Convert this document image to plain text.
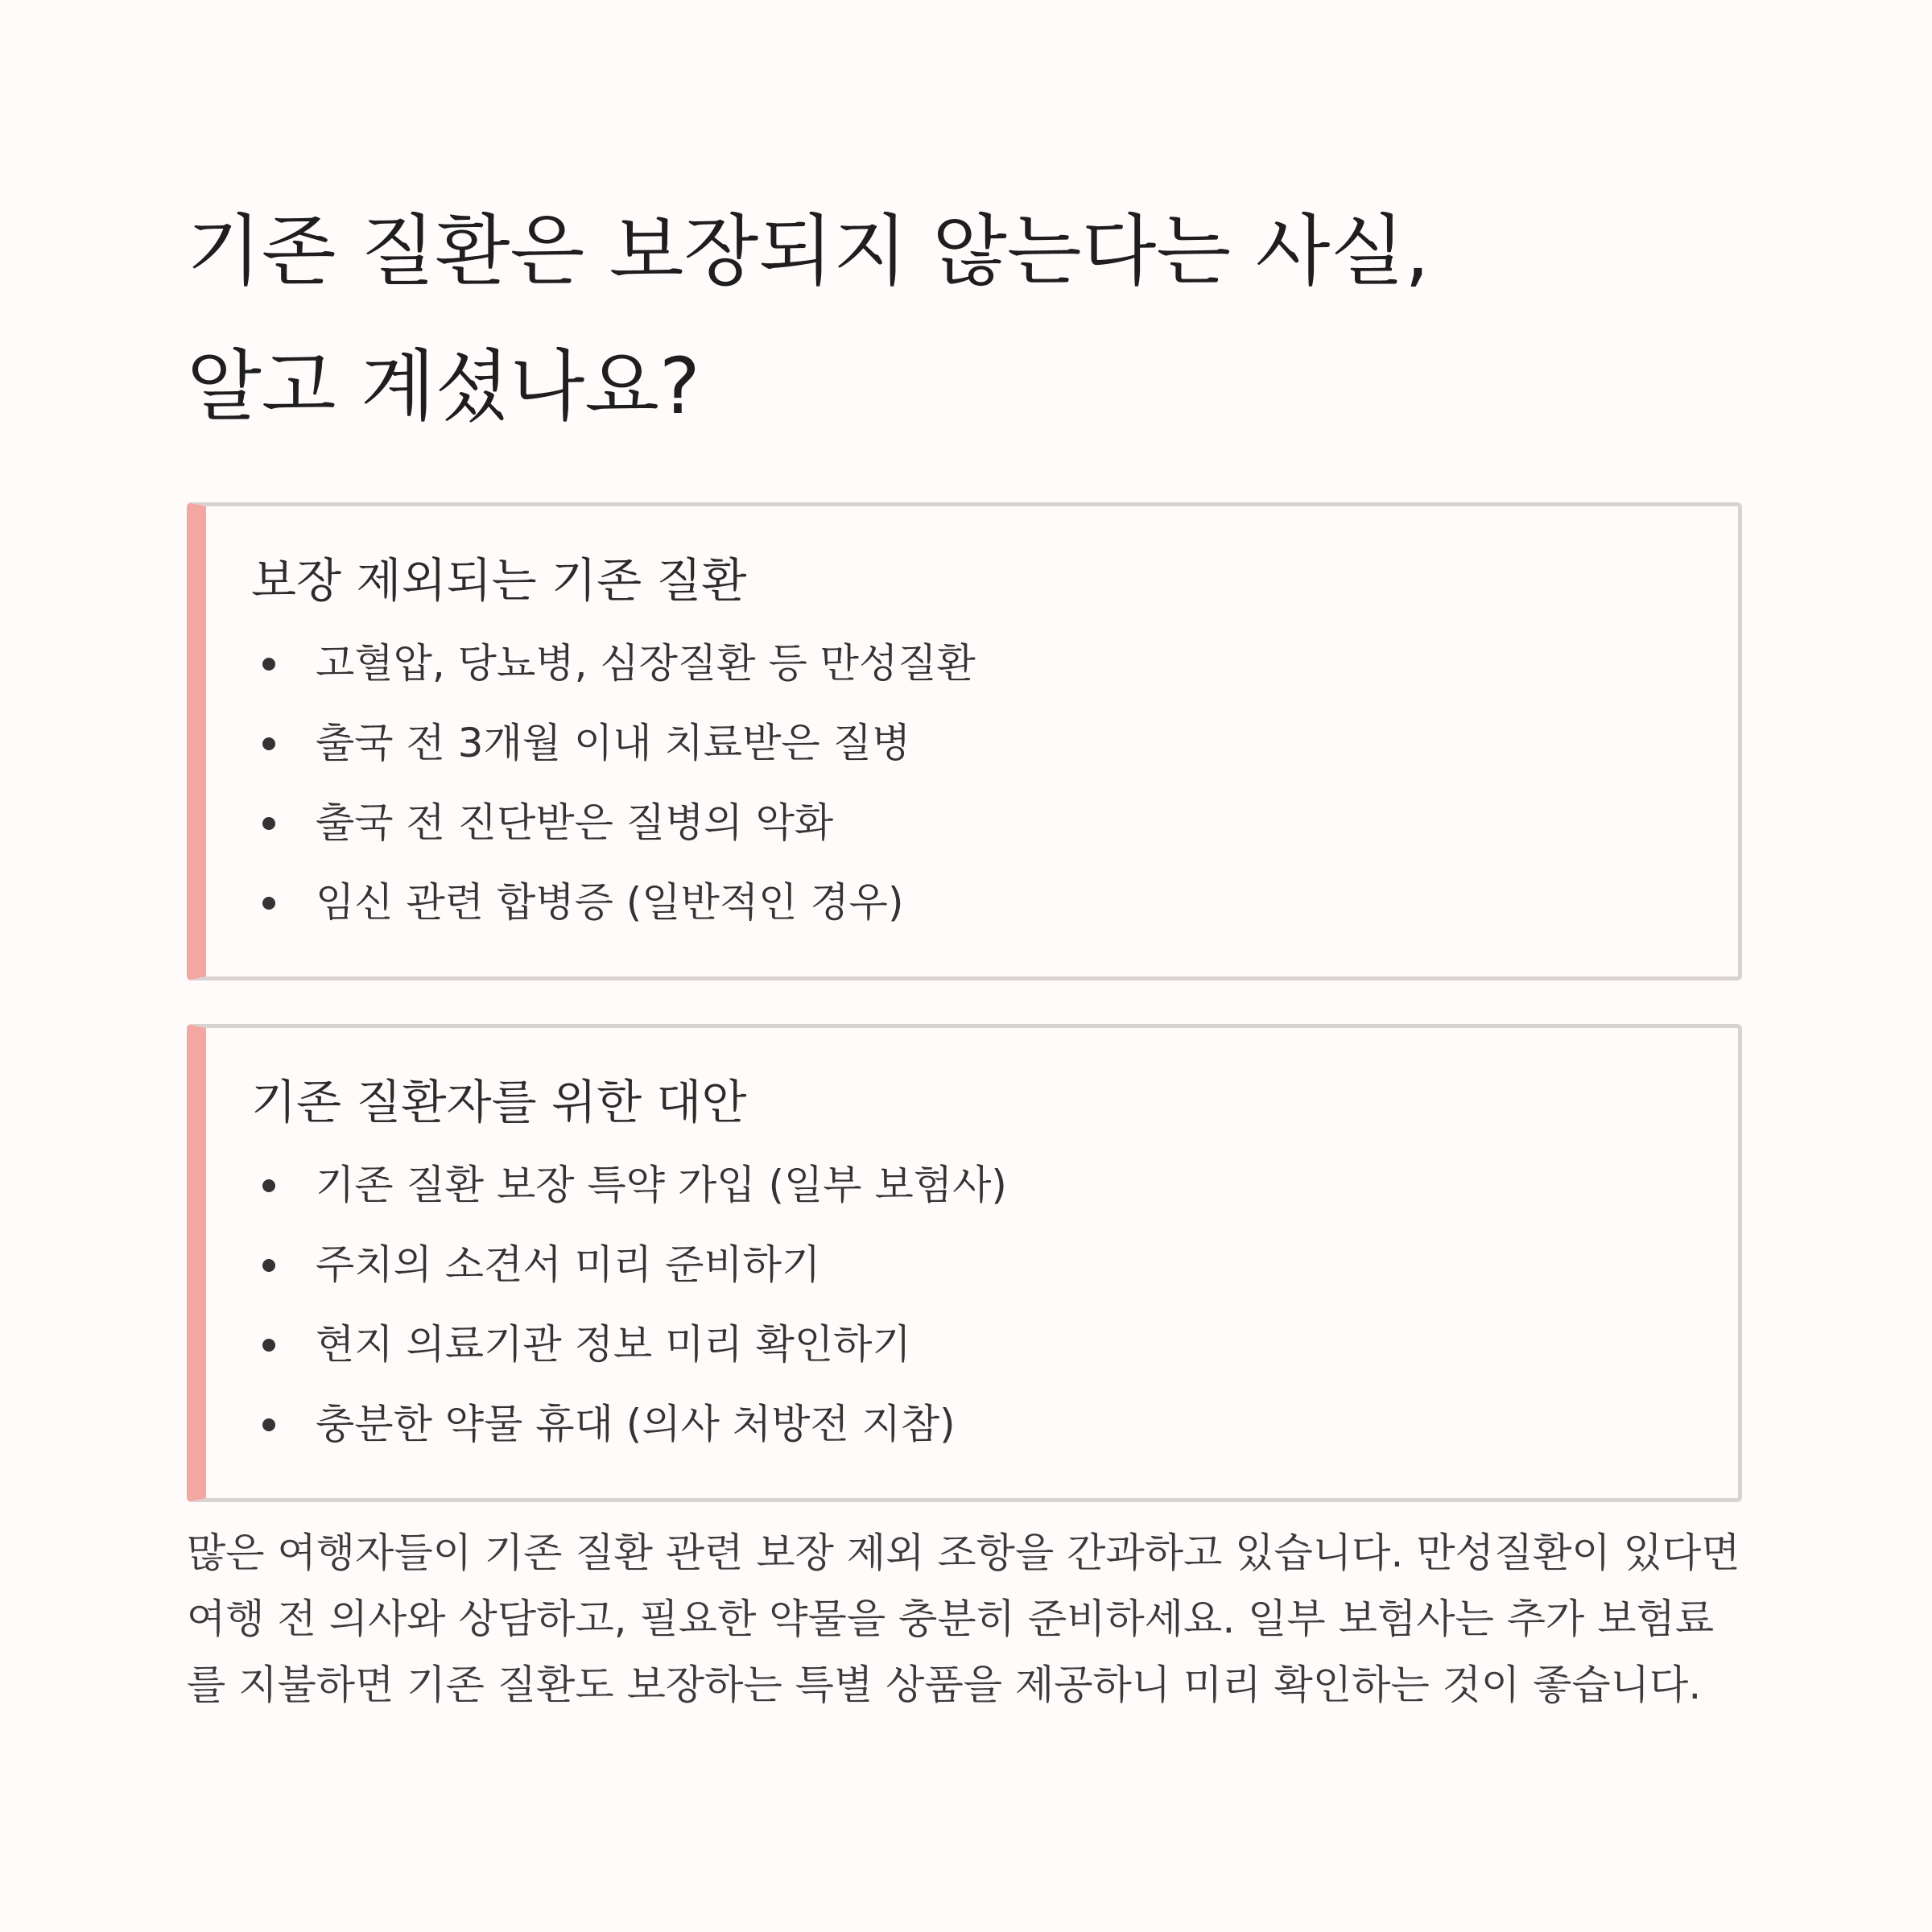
기존 질환은 보장되지 않는다는 사실,
알고 계셨나요?
보장 제외되는 기존 질환
고혈압, 당뇨병, 심장질환 등 만성질환
출국 전 3개월 이내 치료받은 질병
출국 전 진단받은 질병의 악화
임신 관련 합병증 (일반적인 경우)
기존 질환자를 위한 대안
기존 질환 보장 특약 가입 (일부 보험사)
주치의 소견서 미리 준비하기
현지 의료기관 정보 미리 확인하기
충분한 약물 휴대 (의사 처방전 지참)

많은 여행자들이 기존 질환 관련 보장 제외 조항을 간과하고 있습니다. 만성질환이 있다면 여행 전 의사와 상담하고, 필요한 약물을 충분히 준비하세요. 일부 보험사는 추가 보험료를 지불하면 기존 질환도 보장하는 특별 상품을 제공하니 미리 확인하는 것이 좋습니다.
